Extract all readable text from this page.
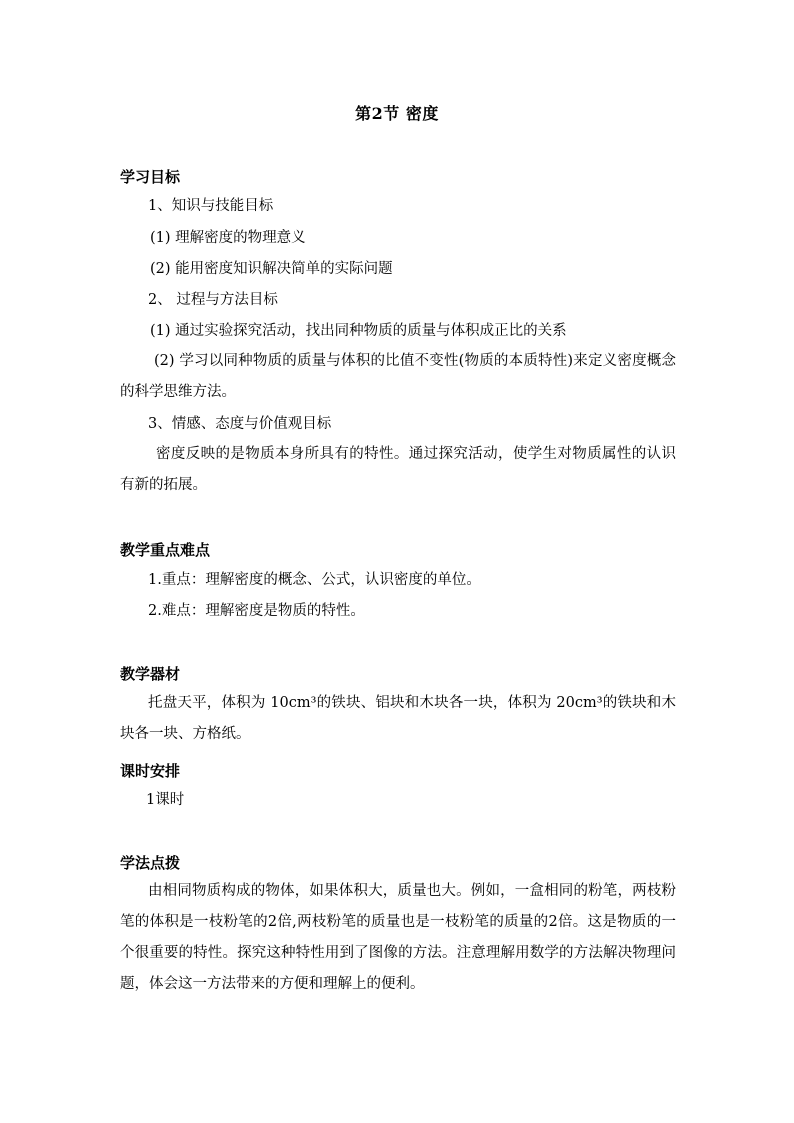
第2节 密度
学习目标
1、知识与技能目标
(1) 理解密度的物理意义
(2) 能用密度知识解决简单的实际问题
2、 过程与方法目标
(1) 通过实验探究活动，找出同种物质的质量与体积成正比的关系
(2) 学习以同种物质的质量与体积的比值不变性(物质的本质特性)来定义密度概念的科学思维方法。
3、情感、态度与价值观目标
密度反映的是物质本身所具有的特性。通过探究活动，使学生对物质属性的认识有新的拓展。
教学重点难点
1.重点：理解密度的概念、公式，认识密度的单位。
2.难点：理解密度是物质的特性。
教学器材
托盘天平，体积为 10cm³的铁块、铝块和木块各一块，体积为 20cm³的铁块和木块各一块、方格纸。
课时安排
1课时
学法点拨
由相同物质构成的物体，如果体积大，质量也大。例如，一盒相同的粉笔，两枝粉笔的体积是一枝粉笔的2倍,两枝粉笔的质量也是一枝粉笔的质量的2倍。这是物质的一个很重要的特性。探究这种特性用到了图像的方法。注意理解用数学的方法解决物理问题，体会这一方法带来的方便和理解上的便利。
